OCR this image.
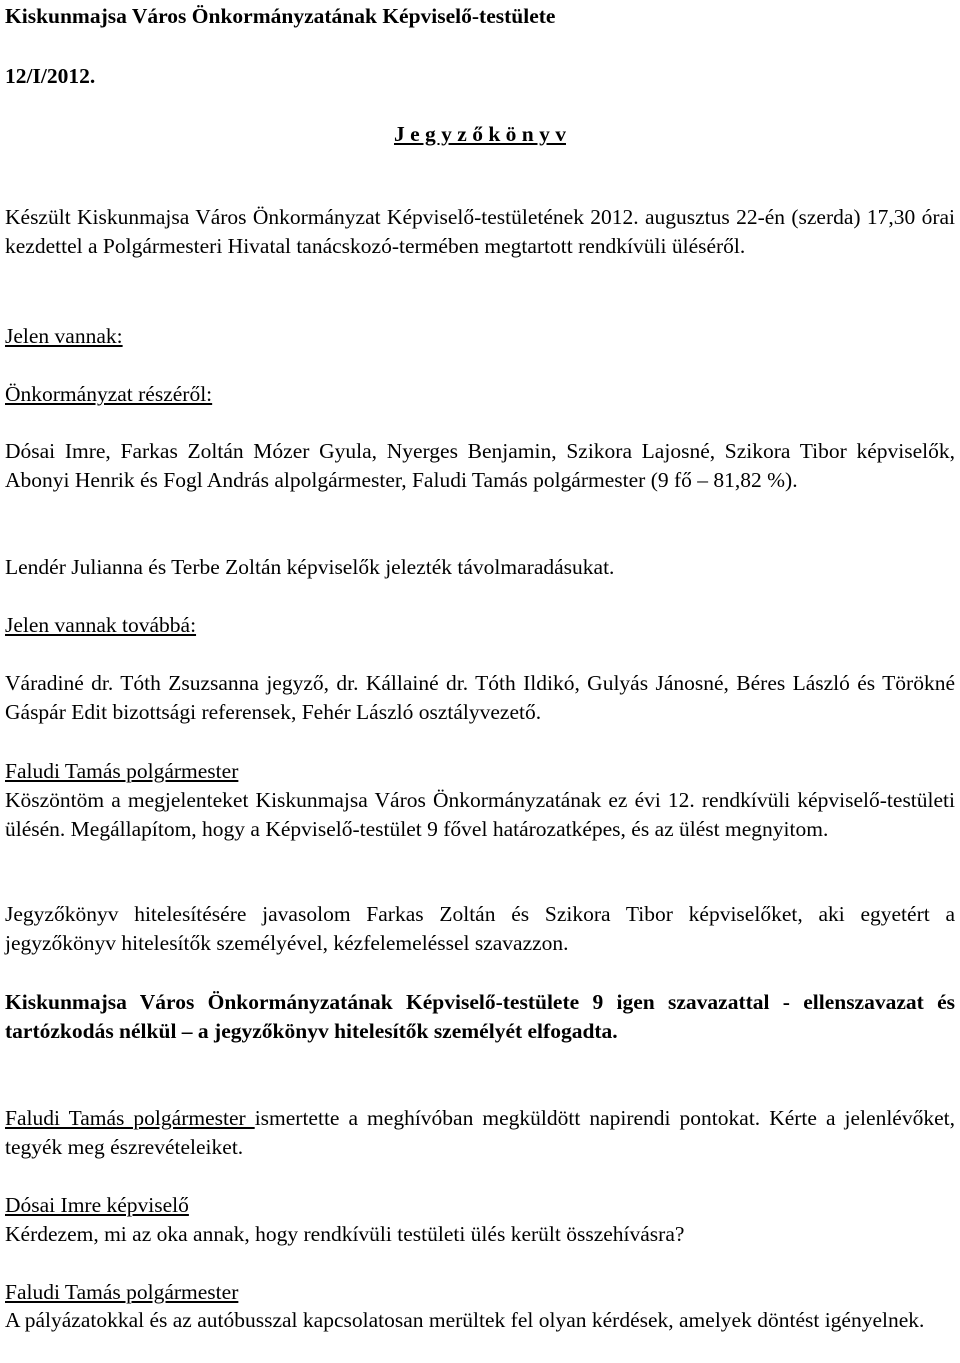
Kiskunmajsa Város Önkormányzatának Képviselő-testülete

12/I/2012.

J e g y z ő k ö n y v

Készült Kiskunmajsa Város Önkormányzat Képviselő-testületének 2012. augusztus 22-én (szerda) 17,30 órai kezdettel a Polgármesteri Hivatal tanácskozó-termében megtartott rendkívüli üléséről.

Jelen vannak:

Önkormányzat részéről:

Dósai Imre, Farkas Zoltán Mózer Gyula, Nyerges Benjamin, Szikora Lajosné, Szikora Tibor képviselők, Abonyi Henrik és Fogl András alpolgármester, Faludi Tamás polgármester (9 fő – 81,82 %).

Lendér Julianna és Terbe Zoltán képviselők jelezték távolmaradásukat.

Jelen vannak továbbá:

Váradiné dr. Tóth Zsuzsanna jegyző, dr. Kállainé dr. Tóth Ildikó, Gulyás Jánosné, Béres László és Törökné Gáspár Edit bizottsági referensek, Fehér László osztályvezető.

Faludi Tamás polgármester

Köszöntöm a megjelenteket Kiskunmajsa Város Önkormányzatának ez évi 12. rendkívüli képviselő-testületi ülésén. Megállapítom, hogy a Képviselő-testület 9 fővel határozatképes, és az ülést megnyitom.

Jegyzőkönyv hitelesítésére javasolom Farkas Zoltán és Szikora Tibor képviselőket, aki egyetért a jegyzőkönyv hitelesítők személyével, kézfelemeléssel szavazzon.

Kiskunmajsa Város Önkormányzatának Képviselő-testülete 9 igen szavazattal - ellenszavazat és tartózkodás nélkül – a jegyzőkönyv hitelesítők személyét elfogadta.

Faludi Tamás polgármester ismertette a meghívóban megküldött napirendi pontokat. Kérte a jelenlévőket, tegyék meg észrevételeiket.

Dósai Imre képviselő

Kérdezem, mi az oka annak, hogy rendkívüli testületi ülés került összehívásra?

Faludi Tamás polgármester

A pályázatokkal és az autóbusszal kapcsolatosan merültek fel olyan kérdések, amelyek döntést igényelnek.
